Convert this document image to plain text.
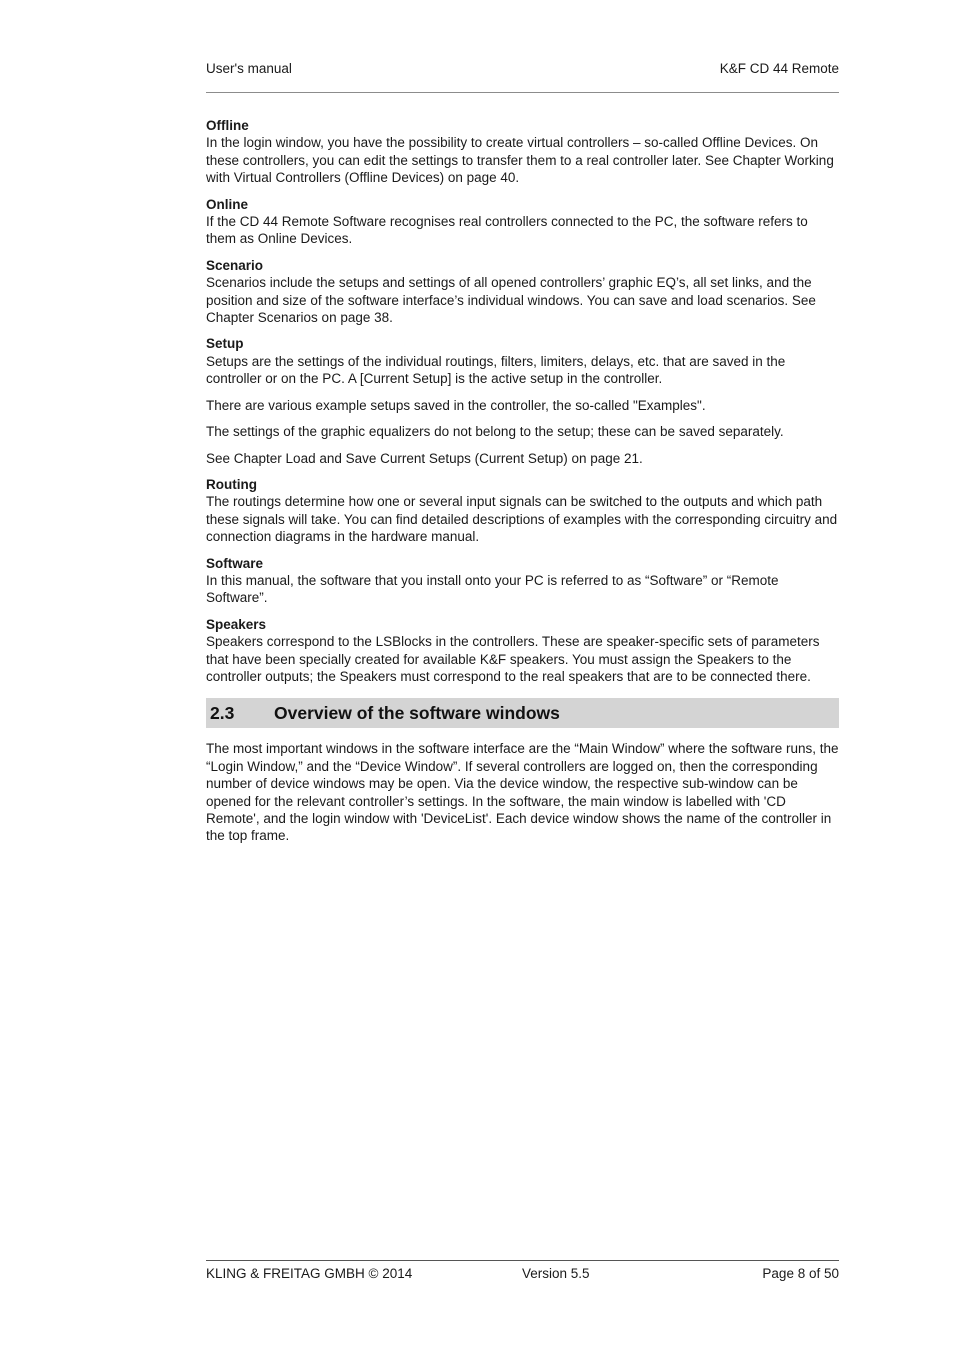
User's manual	K&F CD 44 Remote
Offline

In the login window, you have the possibility to create virtual controllers – so-called Offline Devices. On these controllers, you can edit the settings to transfer them to a real controller later. See Chapter Working with Virtual Controllers (Offline Devices) on page 40.

Online

If the CD 44 Remote Software recognises real controllers connected to the PC, the software refers to them as Online Devices.

Scenario

Scenarios include the setups and settings of all opened controllers’ graphic EQ’s, all set links, and the position and size of the software interface’s individual windows. You can save and load scenarios. See Chapter Scenarios on page 38.

Setup

Setups are the settings of the individual routings, filters, limiters, delays, etc. that are saved in the controller or on the PC. A [Current Setup] is the active setup in the controller.

There are various example setups saved in the controller, the so-called "Examples".

The settings of the graphic equalizers do not belong to the setup; these can be saved separately.

See Chapter Load and Save Current Setups (Current Setup) on page 21.

Routing

The routings determine how one or several input signals can be switched to the outputs and which path these signals will take. You can find detailed descriptions of examples with the corresponding circuitry and connection diagrams in the hardware manual.

Software

In this manual, the software that you install onto your PC is referred to as “Software” or “Remote Software”.

Speakers

Speakers correspond to the LSBlocks in the controllers. These are speaker-specific sets of parameters that have been specially created for available K&F speakers. You must assign the Speakers to the controller outputs; the Speakers must correspond to the real speakers that are to be connected there.

2.3 Overview of the software windows

The most important windows in the software interface are the “Main Window” where the software runs, the “Login Window,” and the “Device Window”. If several controllers are logged on, then the corresponding number of device windows may be open. Via the device window, the respective sub-window can be opened for the relevant controller’s settings. In the software, the main window is labelled with 'CD Remote', and the login window with 'DeviceList'. Each device window shows the name of the controller in the top frame.

KLING & FREITAG GMBH © 2014	Version 5.5	Page 8 of 50
